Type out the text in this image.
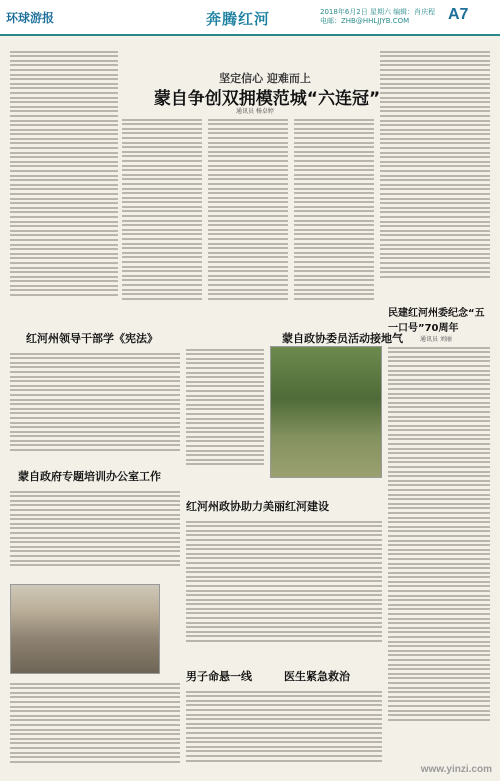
环球游报	奔腾红河	2018年6月2日 星期六 编辑：肖庆程 电邮：ZHB@HHLJJYB.COM	A7
坚定信心 迎难而上
蒙自争创双拥模范城“六连冠”
通讯员 杨卓婷
红河州领导干部学《宪法》	蒙自政协委员活动接地气
民建红河州委纪念“五一口号”70周年
通讯员 刘丽
蒙自政府专题培训办公室工作
红河州政协助力美丽红河建设
男子命悬一线	医生紧急救治
www.yinzi.com
